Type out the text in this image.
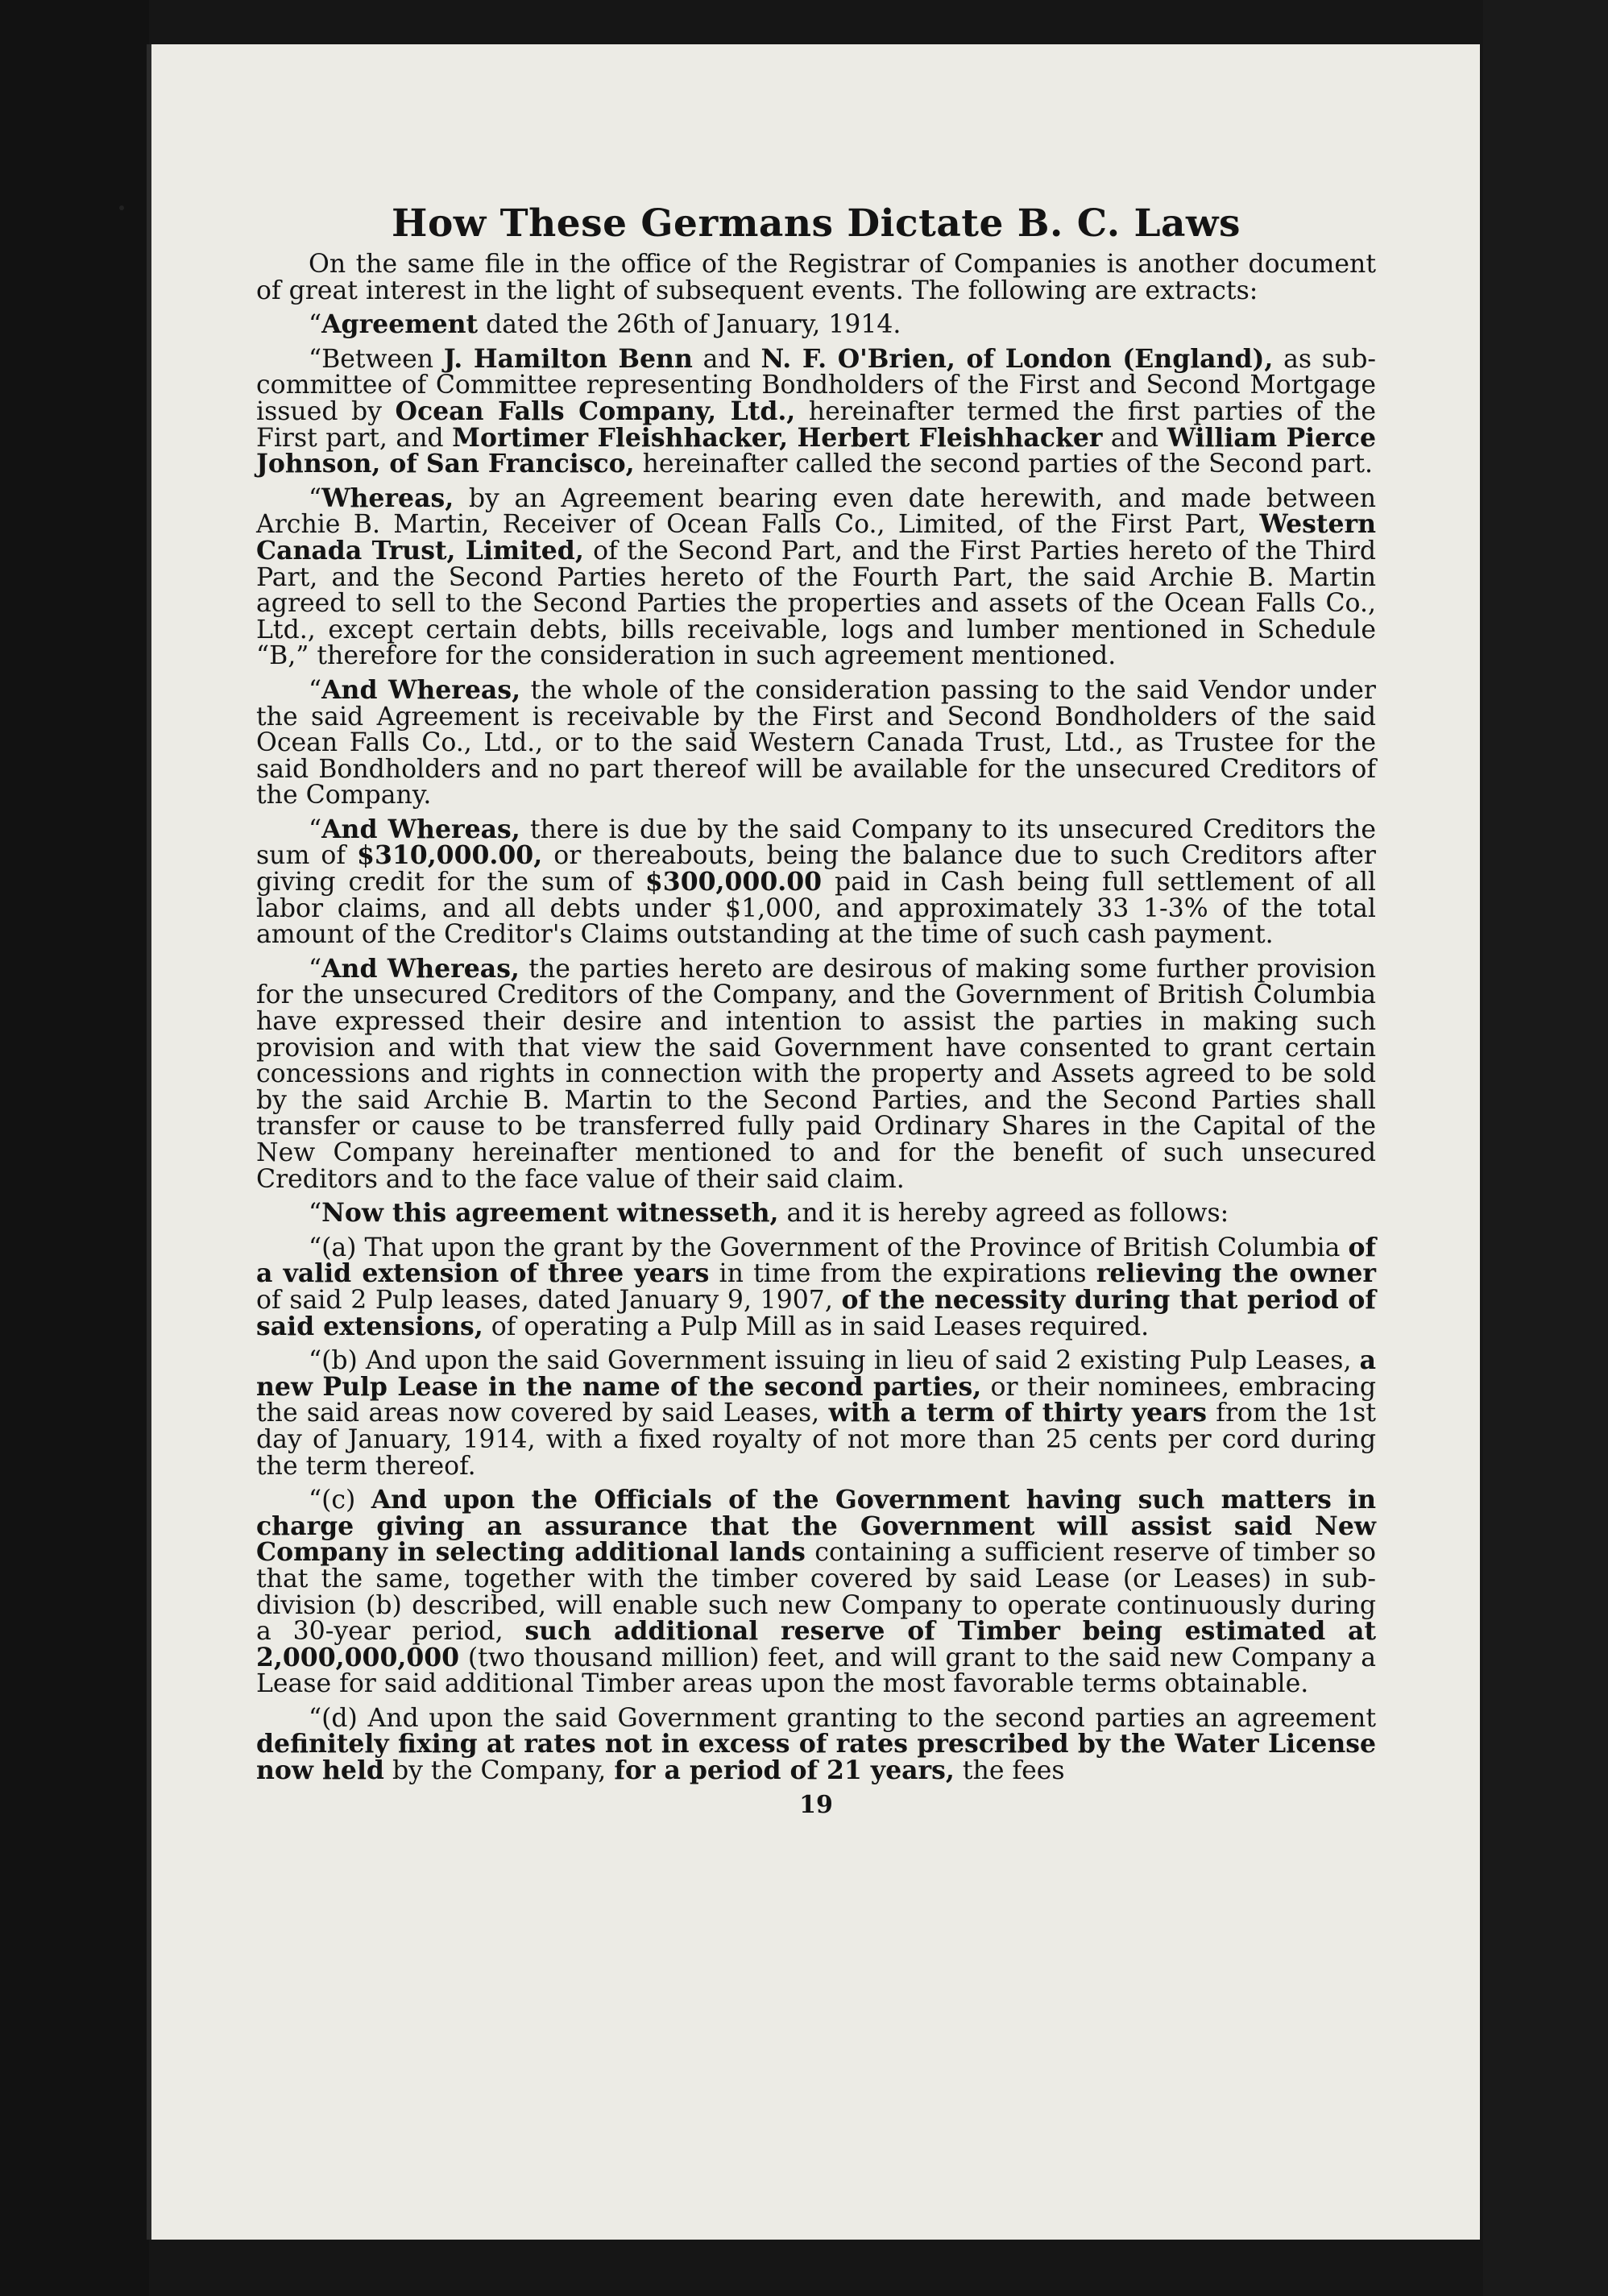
How These Germans Dictate B. C. Laws

On the same file in the office of the Registrar of Companies is another document of great interest in the light of subsequent events. The following are extracts:

“Agreement dated the 26th of January, 1914.

“Between J. Hamilton Benn and N. F. O'Brien, of London (England), as sub-committee of Committee representing Bondholders of the First and Second Mortgage issued by Ocean Falls Company, Ltd., hereinafter termed the first parties of the First part, and Mortimer Fleishhacker, Herbert Fleishhacker and William Pierce Johnson, of San Francisco, hereinafter called the second parties of the Second part.

“Whereas, by an Agreement bearing even date herewith, and made between Archie B. Martin, Receiver of Ocean Falls Co., Limited, of the First Part, Western Canada Trust, Limited, of the Second Part, and the First Parties hereto of the Third Part, and the Second Parties hereto of the Fourth Part, the said Archie B. Martin agreed to sell to the Second Parties the properties and assets of the Ocean Falls Co., Ltd., except certain debts, bills receivable, logs and lumber mentioned in Schedule “B,” therefore for the consideration in such agreement mentioned.

“And Whereas, the whole of the consideration passing to the said Vendor under the said Agreement is receivable by the First and Second Bondholders of the said Ocean Falls Co., Ltd., or to the said Western Canada Trust, Ltd., as Trustee for the said Bondholders and no part thereof will be available for the unsecured Creditors of the Company.

“And Whereas, there is due by the said Company to its unsecured Creditors the sum of $310,000.00, or thereabouts, being the balance due to such Creditors after giving credit for the sum of $300,000.00 paid in Cash being full settlement of all labor claims, and all debts under $1,000, and approximately 33 1-3% of the total amount of the Creditor's Claims outstanding at the time of such cash payment.

“And Whereas, the parties hereto are desirous of making some further provision for the unsecured Creditors of the Company, and the Government of British Columbia have expressed their desire and intention to assist the parties in making such provision and with that view the said Government have consented to grant certain concessions and rights in connection with the property and Assets agreed to be sold by the said Archie B. Martin to the Second Parties, and the Second Parties shall transfer or cause to be transferred fully paid Ordinary Shares in the Capital of the New Company hereinafter mentioned to and for the benefit of such unsecured Creditors and to the face value of their said claim.

“Now this agreement witnesseth, and it is hereby agreed as follows:

“(a) That upon the grant by the Government of the Province of British Columbia of a valid extension of three years in time from the expirations relieving the owner of said 2 Pulp leases, dated January 9, 1907, of the necessity during that period of said extensions, of operating a Pulp Mill as in said Leases required.

“(b) And upon the said Government issuing in lieu of said 2 existing Pulp Leases, a new Pulp Lease in the name of the second parties, or their nominees, embracing the said areas now covered by said Leases, with a term of thirty years from the 1st day of January, 1914, with a fixed royalty of not more than 25 cents per cord during the term thereof.

“(c) And upon the Officials of the Government having such matters in charge giving an assurance that the Government will assist said New Company in selecting additional lands containing a sufficient reserve of timber so that the same, together with the timber covered by said Lease (or Leases) in sub-division (b) described, will enable such new Company to operate continuously during a 30-year period, such additional reserve of Timber being estimated at 2,000,000,000 (two thousand million) feet, and will grant to the said new Company a Lease for said additional Timber areas upon the most favorable terms obtainable.

“(d) And upon the said Government granting to the second parties an agreement definitely fixing at rates not in excess of rates prescribed by the Water License now held by the Company, for a period of 21 years, the fees

19
